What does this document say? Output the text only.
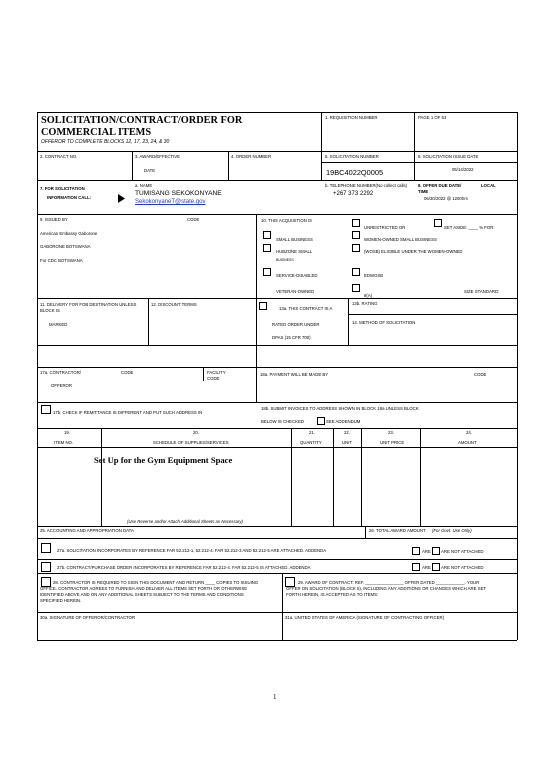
SOLICITATION/CONTRACT/ORDER FOR
COMMERCIAL ITEMS
OFFEROR TO COMPLETE BLOCKS 12, 17, 23, 24, & 30
1. REQUISITION NUMBER	PAGE 1 OF 53
2. CONTRACT NO.	3. AWARD/EFFECTIVE
DATE
4. ORDER NUMBER	5. SOLICITATION NUMBER
19BC4022Q0005
6. SOLICITATION ISSUE DATE
05/14/2022
7. FOR SOLICITATION
INFORMATION CALL:
a. NAME
TUMISANG SEKOKONYANE
SekokonyaneT@state.gov
b. TELEPHONE NUMBER(No collect calls)
+267 373 2292
8. OFFER DUE DATE/	LOCAL
TIME
06/30/2022 @ 1200hrs
9. ISSUED BY	CODE
American Embassy Gaborone
GABORONE BOTSWANA
For CDC BOTSWANA
10. THIS ACQUISITION IS
UNRESTRICTED OR	SET ASIDE: ____ % FOR:
SMALL BUSINESS	WOMEN-OWNED SMALL BUSINESS
HUBZONE SMALL	(WOSB) ELIGIBLE UNDER THE WOMEN-OWNED
BUSINESS
SERVICE-DISABLED	EDWOSB
VETERAN-OWNED	SIZE STANDARD:
8(A)
11. DELIVERY FOR FOB DESTINATION UNLESS
BLOCK IS
MARKED
12. DISCOUNT TERMS
13a. THIS CONTRACT IS A
RATED ORDER UNDER
DPAS (15 CFR 700)
13b. RATING
14. METHOD OF SOLICITATION
17a. CONTRACTOR/	CODE	FACILITY
CODE
OFFEROR
18a. PAYMENT WILL BE MADE BY	CODE
17b. CHECK IF REMITTANCE IS DIFFERENT AND PUT SUCH ADDRESS IN
18b. SUBMIT INVOICES TO ADDRESS SHOWN IN BLOCK 18a UNLESS BLOCK
BELOW IS CHECKED	SEE ADDENDUM
19.	20.	21.	22.	23.	24.
ITEM NO.	SCHEDULE OF SUPPLIES/SERVICES	QUANTITY	UNIT	UNIT PRICE	AMOUNT
Set Up for the Gym Equipment Space
(Use Reverse and/or Attach Additional Sheets as Necessary)
25. ACCOUNTING AND APPROPRIATION DATA	26. TOTAL AWARD AMOUNT (For Govt. Use Only)
27a. SOLICITATION INCORPORATES BY REFERENCE FAR 52.212-1, 52.212-4. FAR 52.212-3 AND 52.212-5 ARE ATTACHED. ADDENDA	ARE ARE NOT ATTACHED
27b. CONTRACT/PURCHASE ORDER INCORPORATES BY REFERENCE FAR 52.212-4. FAR 52.212-5 IS ATTACHED. ADDENDA	ARE ARE NOT ATTACHED
28. CONTRACTOR IS REQUIRED TO SIGN THIS DOCUMENT AND RETURN ____ COPIES TO ISSUING
OFFICE. CONTRACTOR AGREES TO FURNISH AND DELIVER ALL ITEMS SET FORTH OR OTHERWISE
IDENTIFIED ABOVE AND ON ANY ADDITIONAL SHEETS SUBJECT TO THE TERMS AND CONDITIONS
SPECIFIED HEREIN.
29. AWARD OF CONTRACT: REF. ________________ OFFER DATED ____________. YOUR
OFFER ON SOLICITATION (BLOCK 5), INCLUDING ANY ADDITIONS OR CHANGES WHICH ARE SET
FORTH HEREIN, IS ACCEPTED AS TO ITEMS:
30a. SIGNATURE OF OFFEROR/CONTRACTOR	31a. UNITED STATES OF AMERICA (SIGNATURE OF CONTRACTING OFFICER)
1
